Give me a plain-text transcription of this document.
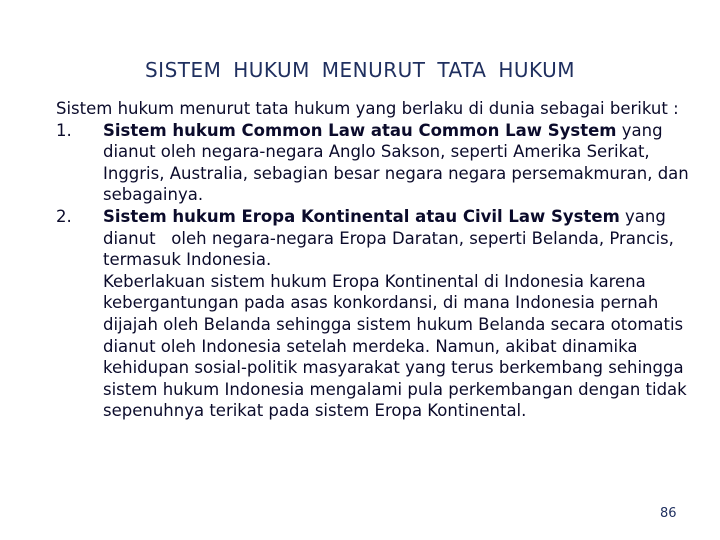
SISTEM HUKUM MENURUT TATA HUKUM

Sistem hukum menurut tata hukum yang berlaku di dunia sebagai berikut :

1. Sistem hukum Common Law atau Common Law System yang dianut oleh negara-negara Anglo Sakson, seperti Amerika Serikat, Inggris, Australia, sebagian besar negara negara persemakmuran, dan sebagainya.
2. Sistem hukum Eropa Kontinental atau Civil Law System yang    dianut   oleh negara-negara Eropa Daratan, seperti Belanda, Prancis, termasuk Indonesia.
Keberlakuan sistem hukum Eropa Kontinental di Indonesia karena kebergantungan pada asas konkordansi, di mana Indonesia pernah dijajah oleh Belanda sehingga sistem hukum Belanda secara otomatis dianut oleh Indonesia setelah merdeka. Namun, akibat dinamika kehidupan sosial-politik masyarakat yang terus berkembang sehingga sistem hukum Indonesia mengalami pula perkembangan dengan tidak sepenuhnya terikat pada sistem Eropa Kontinental.
86
